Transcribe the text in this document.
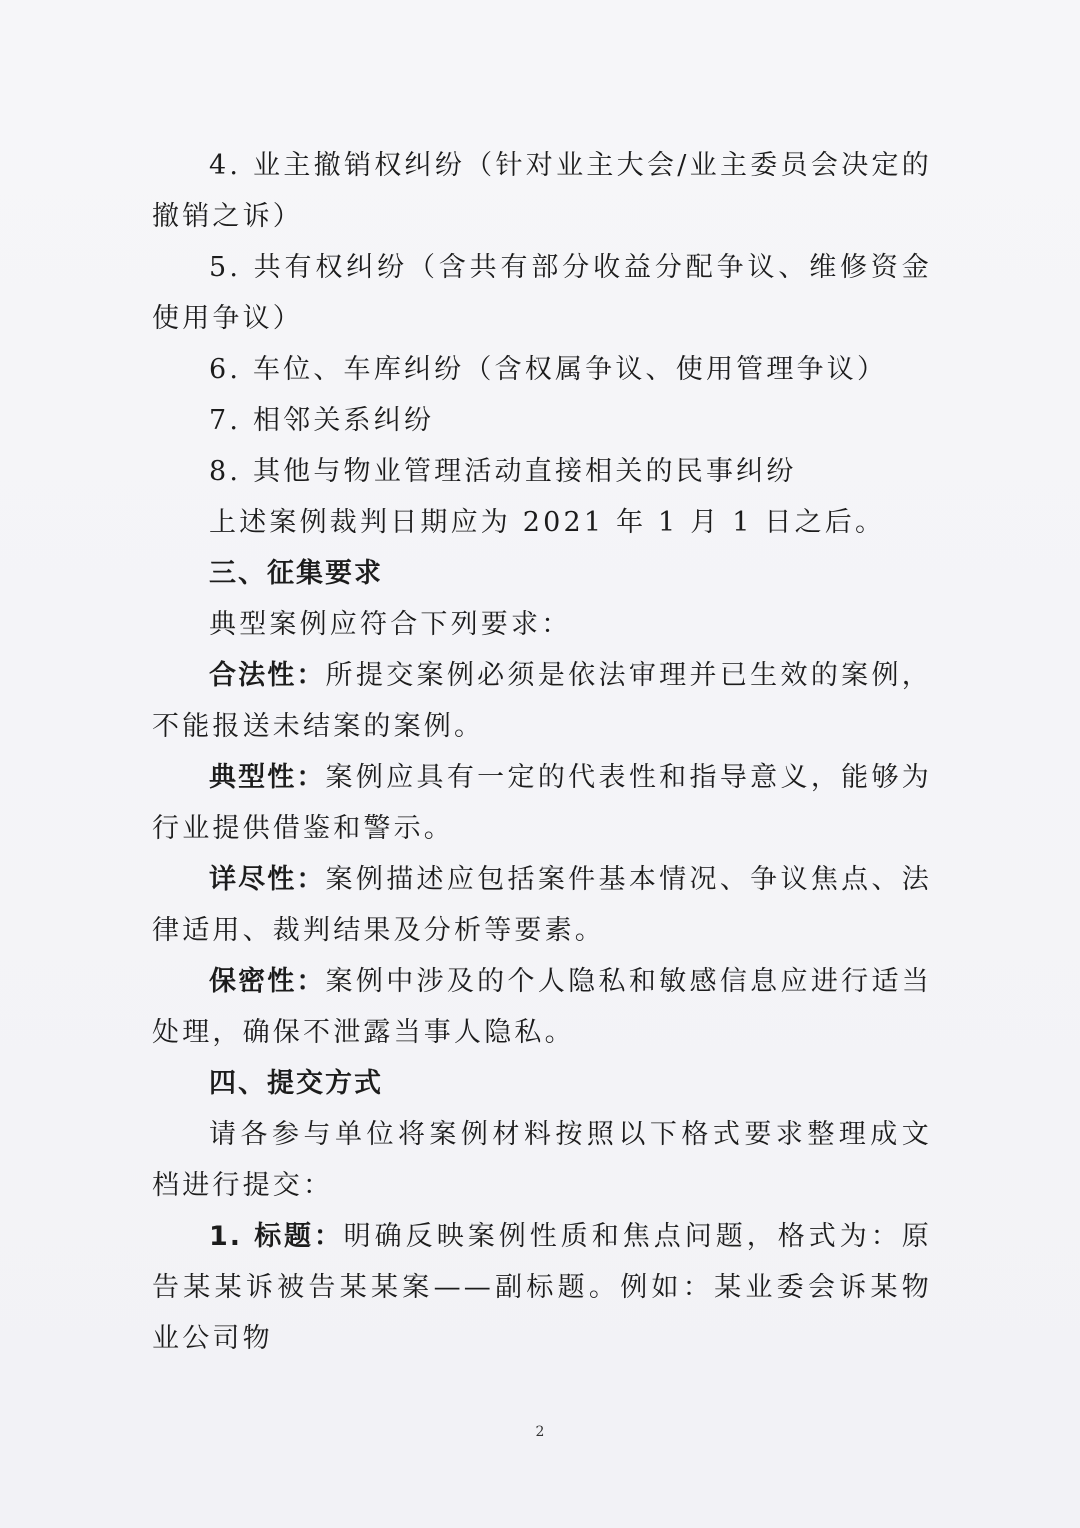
4. 业主撤销权纠纷（针对业主大会/业主委员会决定的撤销之诉）

5. 共有权纠纷（含共有部分收益分配争议、维修资金使用争议）

6. 车位、车库纠纷（含权属争议、使用管理争议）

7. 相邻关系纠纷

8. 其他与物业管理活动直接相关的民事纠纷

上述案例裁判日期应为 2021 年 1 月 1 日之后。

三、征集要求

典型案例应符合下列要求：

合法性：所提交案例必须是依法审理并已生效的案例，不能报送未结案的案例。

典型性：案例应具有一定的代表性和指导意义，能够为行业提供借鉴和警示。

详尽性：案例描述应包括案件基本情况、争议焦点、法律适用、裁判结果及分析等要素。

保密性：案例中涉及的个人隐私和敏感信息应进行适当处理，确保不泄露当事人隐私。

四、提交方式

请各参与单位将案例材料按照以下格式要求整理成文档进行提交：

1. 标题：明确反映案例性质和焦点问题，格式为：原告某某诉被告某某案——副标题。例如：某业委会诉某物业公司物

2
